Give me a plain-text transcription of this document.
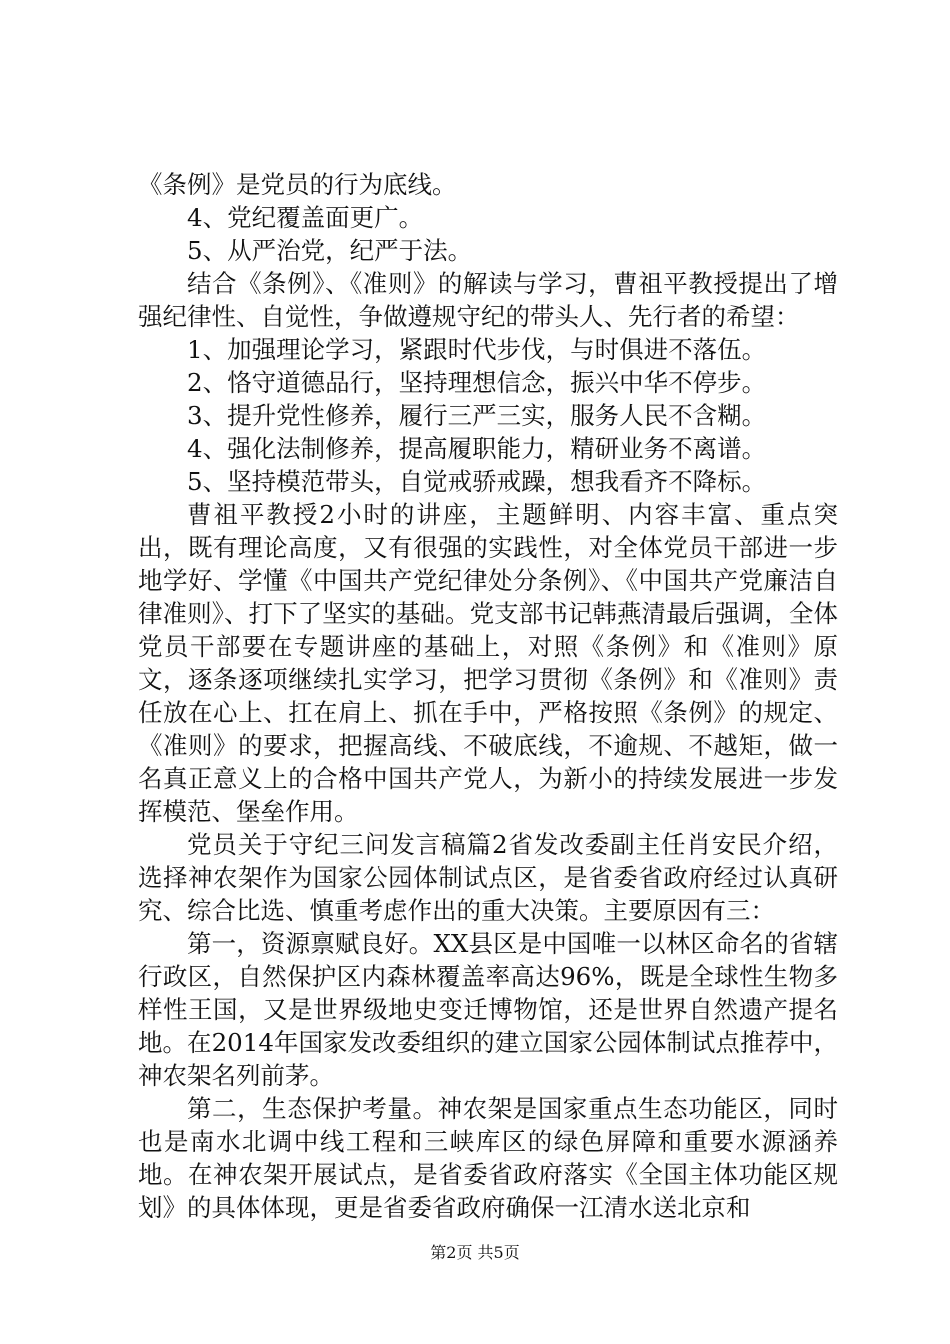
《条例》是党员的行为底线。

4、党纪覆盖面更广。

5、从严治党，纪严于法。

结合《条例》、《准则》的解读与学习，曹祖平教授提出了增强纪律性、自觉性，争做遵规守纪的带头人、先行者的希望：

1、加强理论学习，紧跟时代步伐，与时俱进不落伍。

2、恪守道德品行，坚持理想信念，振兴中华不停步。

3、提升党性修养，履行三严三实，服务人民不含糊。

4、强化法制修养，提高履职能力，精研业务不离谱。

5、坚持模范带头，自觉戒骄戒躁，想我看齐不降标。

曹祖平教授2小时的讲座，主题鲜明、内容丰富、重点突出，既有理论高度，又有很强的实践性，对全体党员干部进一步地学好、学懂《中国共产党纪律处分条例》、《中国共产党廉洁自律准则》、打下了坚实的基础。党支部书记韩燕清最后强调，全体党员干部要在专题讲座的基础上，对照《条例》和《准则》原文，逐条逐项继续扎实学习，把学习贯彻《条例》和《准则》责任放在心上、扛在肩上、抓在手中，严格按照《条例》的规定、《准则》的要求，把握高线、不破底线，不逾规、不越矩，做一名真正意义上的合格中国共产党人，为新小的持续发展进一步发挥模范、堡垒作用。

党员关于守纪三问发言稿篇2省发改委副主任肖安民介绍，选择神农架作为国家公园体制试点区，是省委省政府经过认真研究、综合比选、慎重考虑作出的重大决策。主要原因有三：

第一，资源禀赋良好。XX县区是中国唯一以林区命名的省辖行政区，自然保护区内森林覆盖率高达96%，既是全球性生物多样性王国，又是世界级地史变迁博物馆，还是世界自然遗产提名地。在2014年国家发改委组织的建立国家公园体制试点推荐中，神农架名列前茅。

第二，生态保护考量。神农架是国家重点生态功能区，同时也是南水北调中线工程和三峡库区的绿色屏障和重要水源涵养地。在神农架开展试点，是省委省政府落实《全国主体功能区规划》的具体体现，更是省委省政府确保一江清水送北京和

第2页 共5页
